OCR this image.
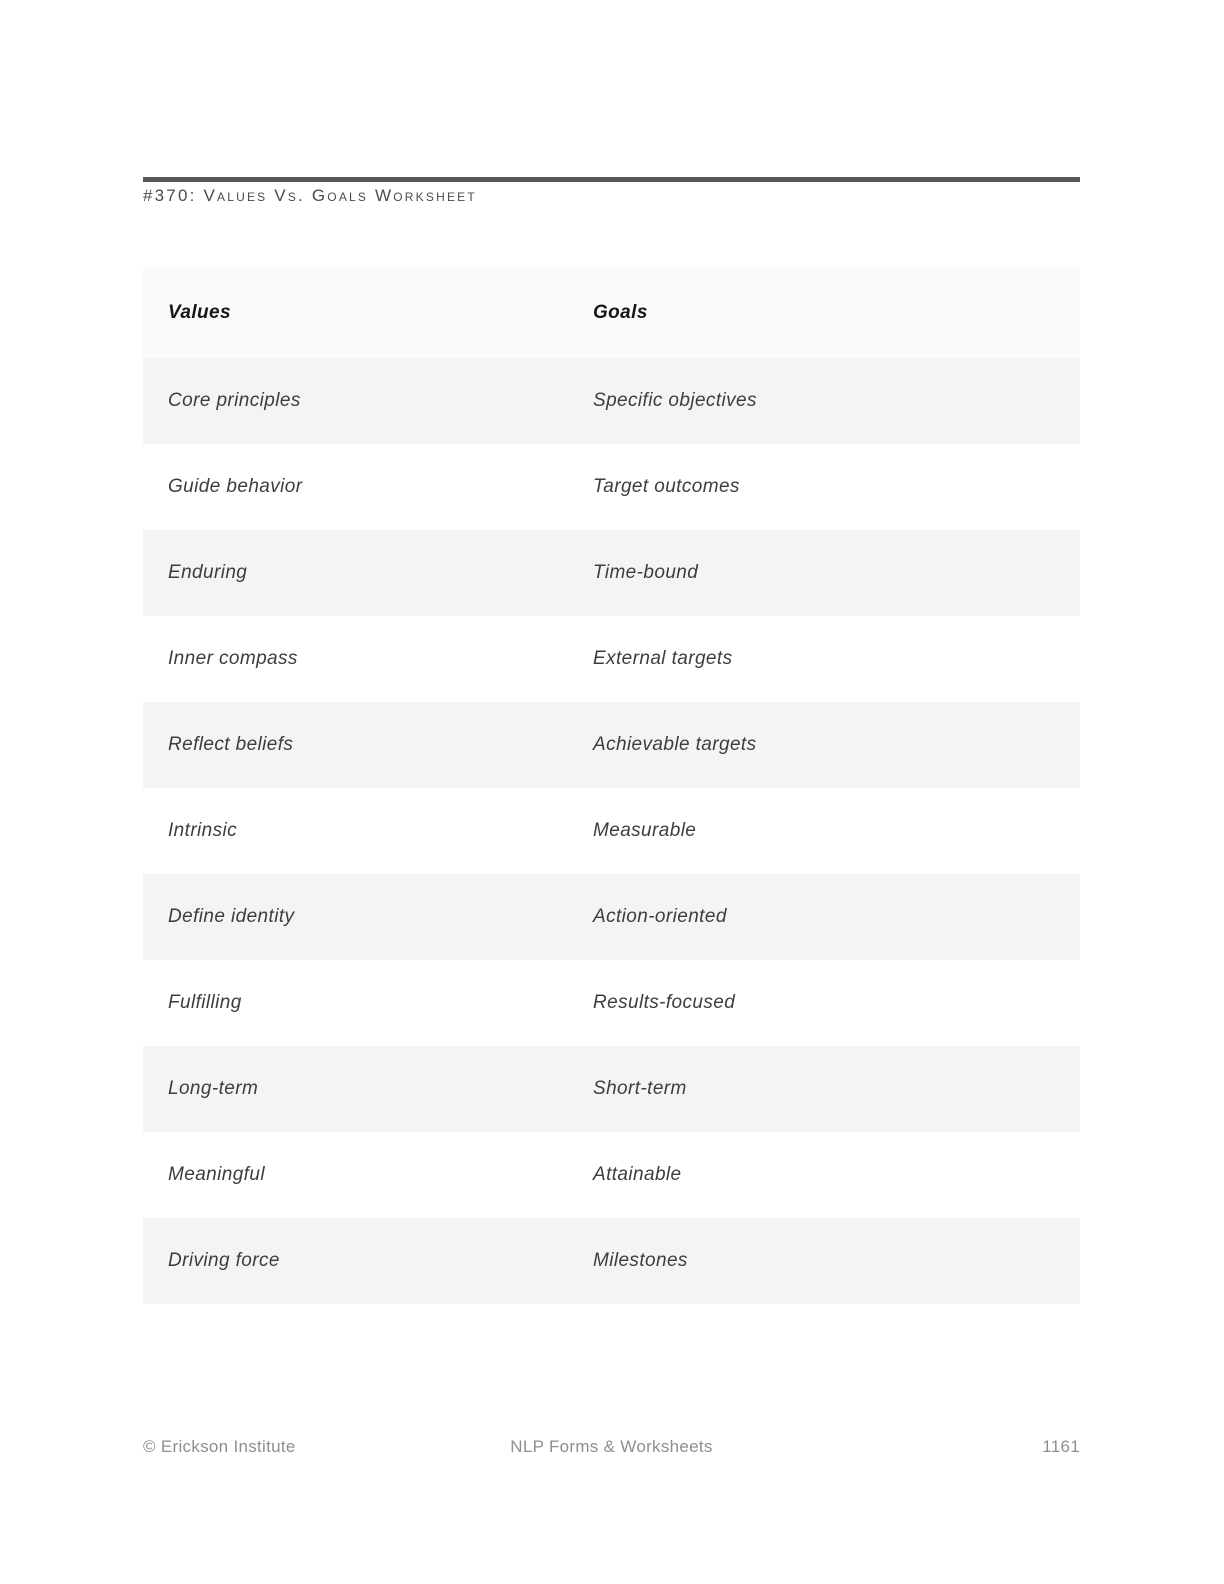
#370: Values Vs. Goals Worksheet
Values	Goals
Core principles	Specific objectives
Guide behavior	Target outcomes
Enduring	Time-bound
Inner compass	External targets
Reflect beliefs	Achievable targets
Intrinsic	Measurable
Define identity	Action-oriented
Fulfilling	Results-focused
Long-term	Short-term
Meaningful	Attainable
Driving force	Milestones
© Erickson Institute	NLP Forms & Worksheets	1161
